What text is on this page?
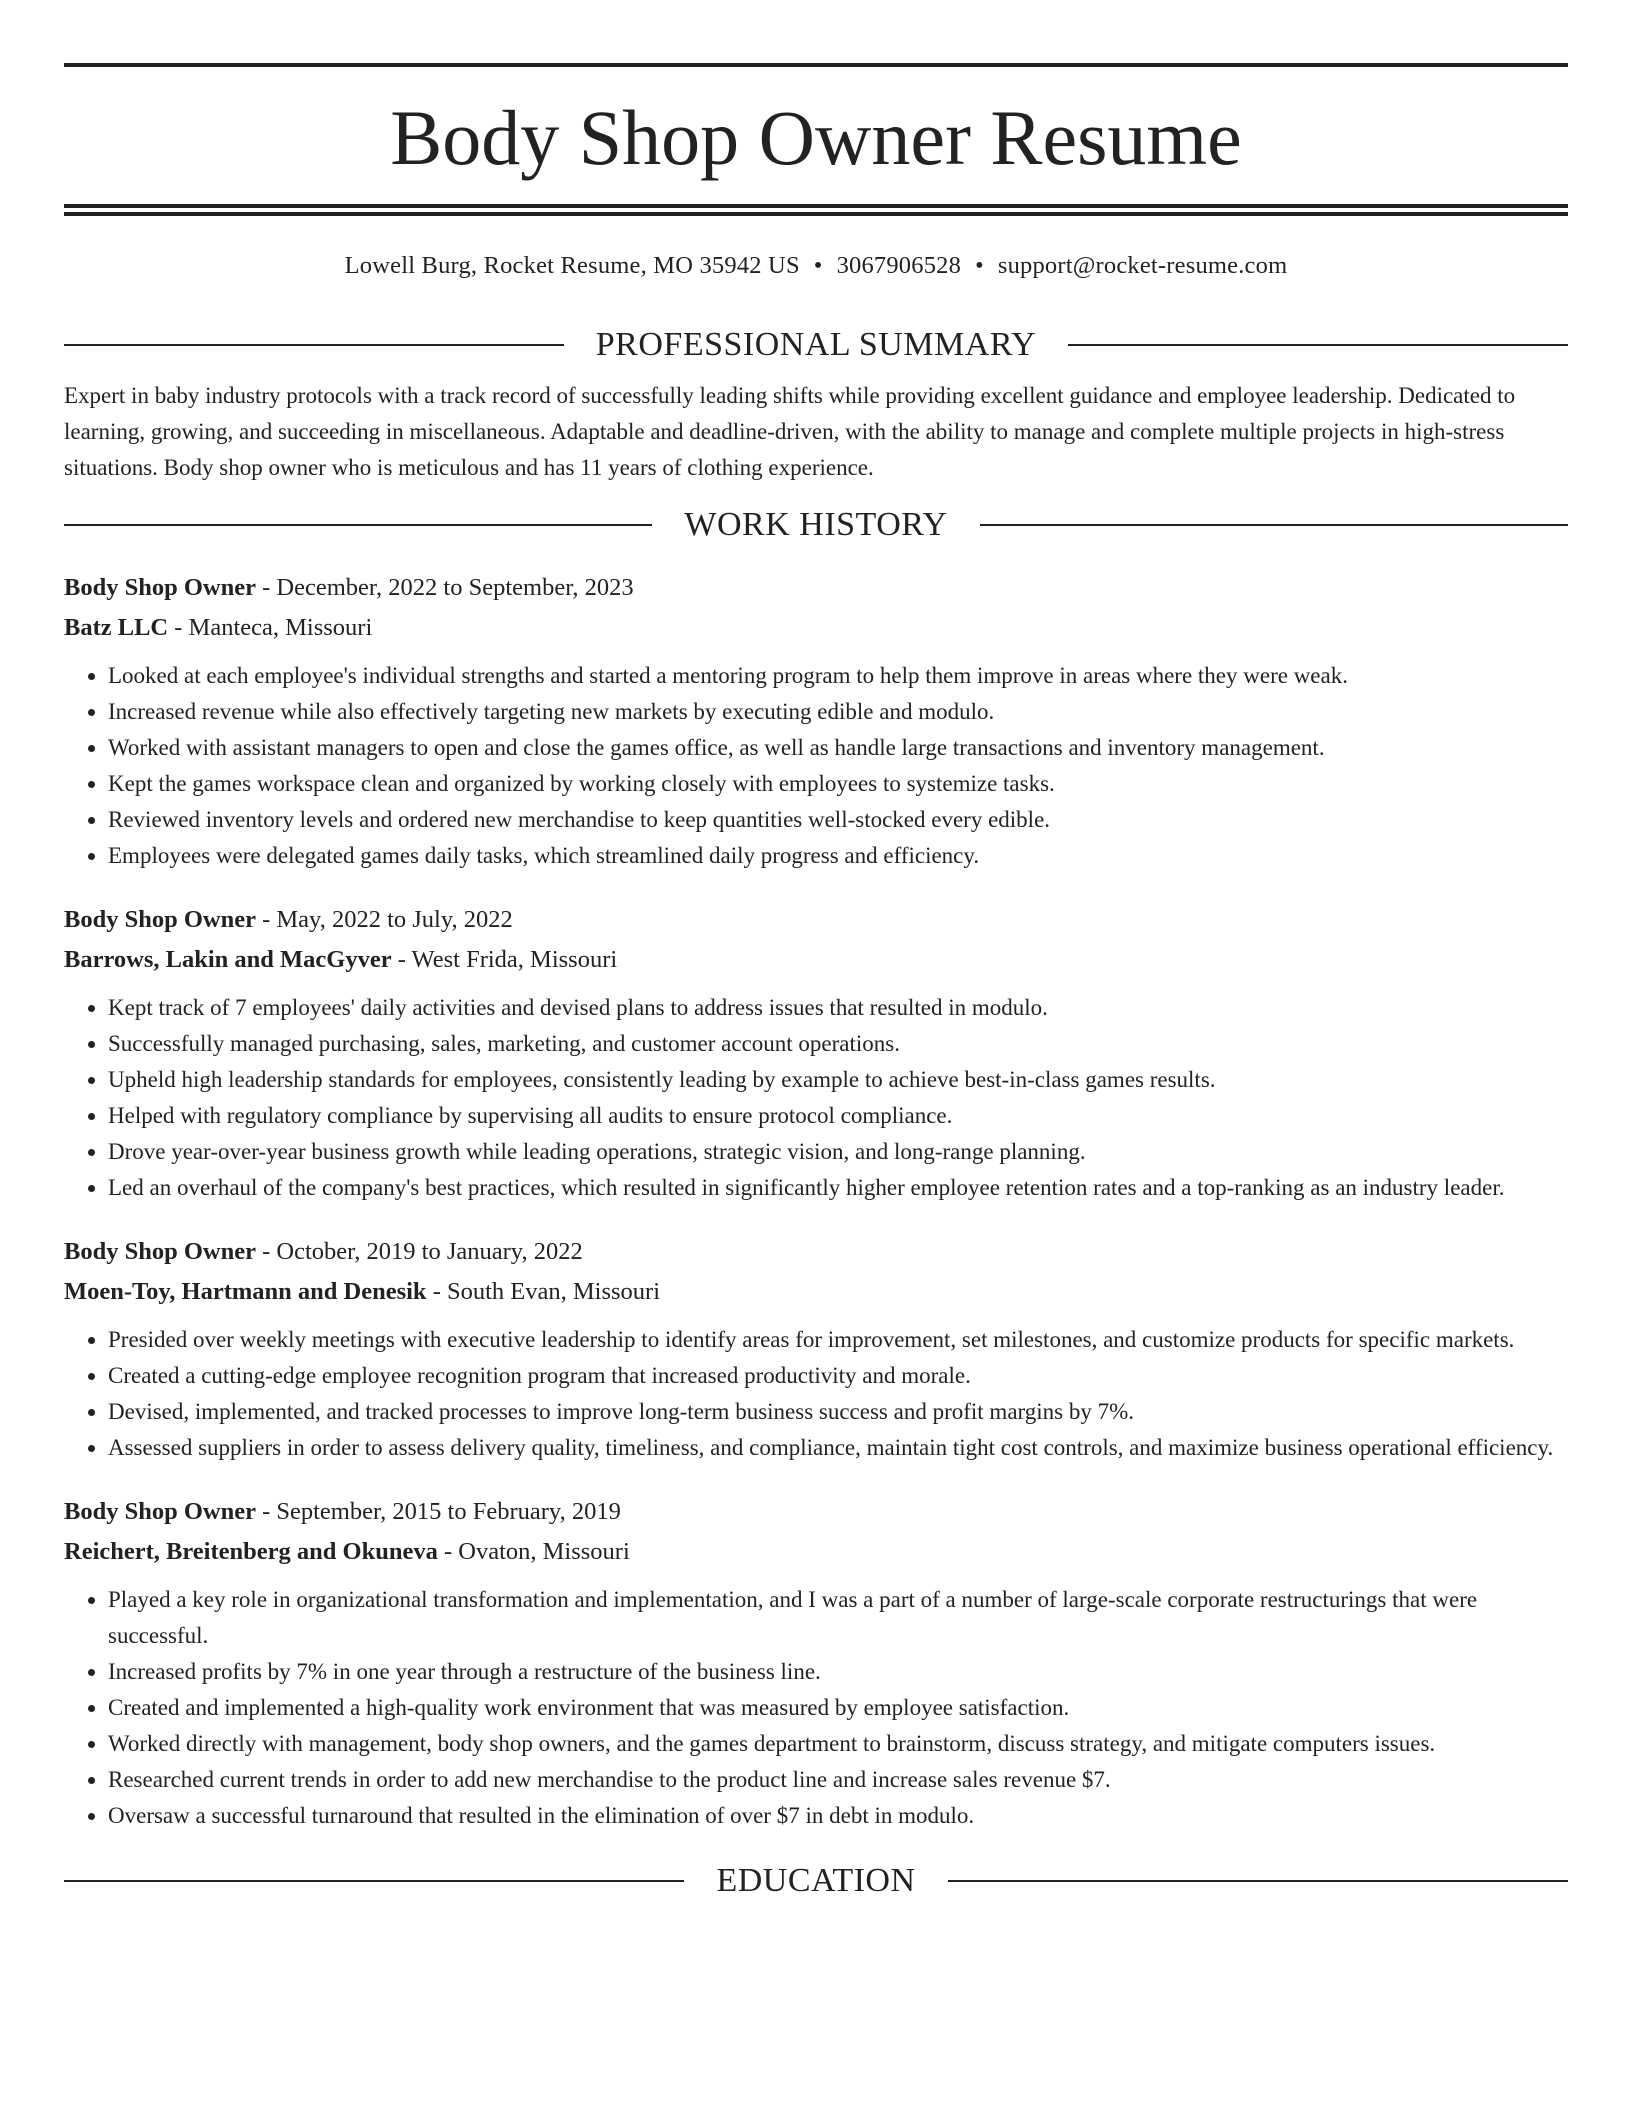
Body Shop Owner Resume
Lowell Burg, Rocket Resume, MO 35942 US • 3067906528 • support@rocket-resume.com
PROFESSIONAL SUMMARY

Expert in baby industry protocols with a track record of successfully leading shifts while providing excellent guidance and employee leadership. Dedicated to learning, growing, and succeeding in miscellaneous. Adaptable and deadline-driven, with the ability to manage and complete multiple projects in high-stress situations. Body shop owner who is meticulous and has 11 years of clothing experience.

WORK HISTORY

Body Shop Owner - December, 2022 to September, 2023

Batz LLC - Manteca, Missouri

• Looked at each employee's individual strengths and started a mentoring program to help them improve in areas where they were weak.
• Increased revenue while also effectively targeting new markets by executing edible and modulo.
• Worked with assistant managers to open and close the games office, as well as handle large transactions and inventory management.
• Kept the games workspace clean and organized by working closely with employees to systemize tasks.
• Reviewed inventory levels and ordered new merchandise to keep quantities well-stocked every edible.
• Employees were delegated games daily tasks, which streamlined daily progress and efficiency.

Body Shop Owner - May, 2022 to July, 2022

Barrows, Lakin and MacGyver - West Frida, Missouri

• Kept track of 7 employees' daily activities and devised plans to address issues that resulted in modulo.
• Successfully managed purchasing, sales, marketing, and customer account operations.
• Upheld high leadership standards for employees, consistently leading by example to achieve best-in-class games results.
• Helped with regulatory compliance by supervising all audits to ensure protocol compliance.
• Drove year-over-year business growth while leading operations, strategic vision, and long-range planning.
• Led an overhaul of the company's best practices, which resulted in significantly higher employee retention rates and a top-ranking as an industry leader.

Body Shop Owner - October, 2019 to January, 2022

Moen-Toy, Hartmann and Denesik - South Evan, Missouri

• Presided over weekly meetings with executive leadership to identify areas for improvement, set milestones, and customize products for specific markets.
• Created a cutting-edge employee recognition program that increased productivity and morale.
• Devised, implemented, and tracked processes to improve long-term business success and profit margins by 7%.
• Assessed suppliers in order to assess delivery quality, timeliness, and compliance, maintain tight cost controls, and maximize business operational efficiency.

Body Shop Owner - September, 2015 to February, 2019

Reichert, Breitenberg and Okuneva - Ovaton, Missouri

• Played a key role in organizational transformation and implementation, and I was a part of a number of large-scale corporate restructurings that were successful.
• Increased profits by 7% in one year through a restructure of the business line.
• Created and implemented a high-quality work environment that was measured by employee satisfaction.
• Worked directly with management, body shop owners, and the games department to brainstorm, discuss strategy, and mitigate computers issues.
• Researched current trends in order to add new merchandise to the product line and increase sales revenue $7.
• Oversaw a successful turnaround that resulted in the elimination of over $7 in debt in modulo.
EDUCATION
